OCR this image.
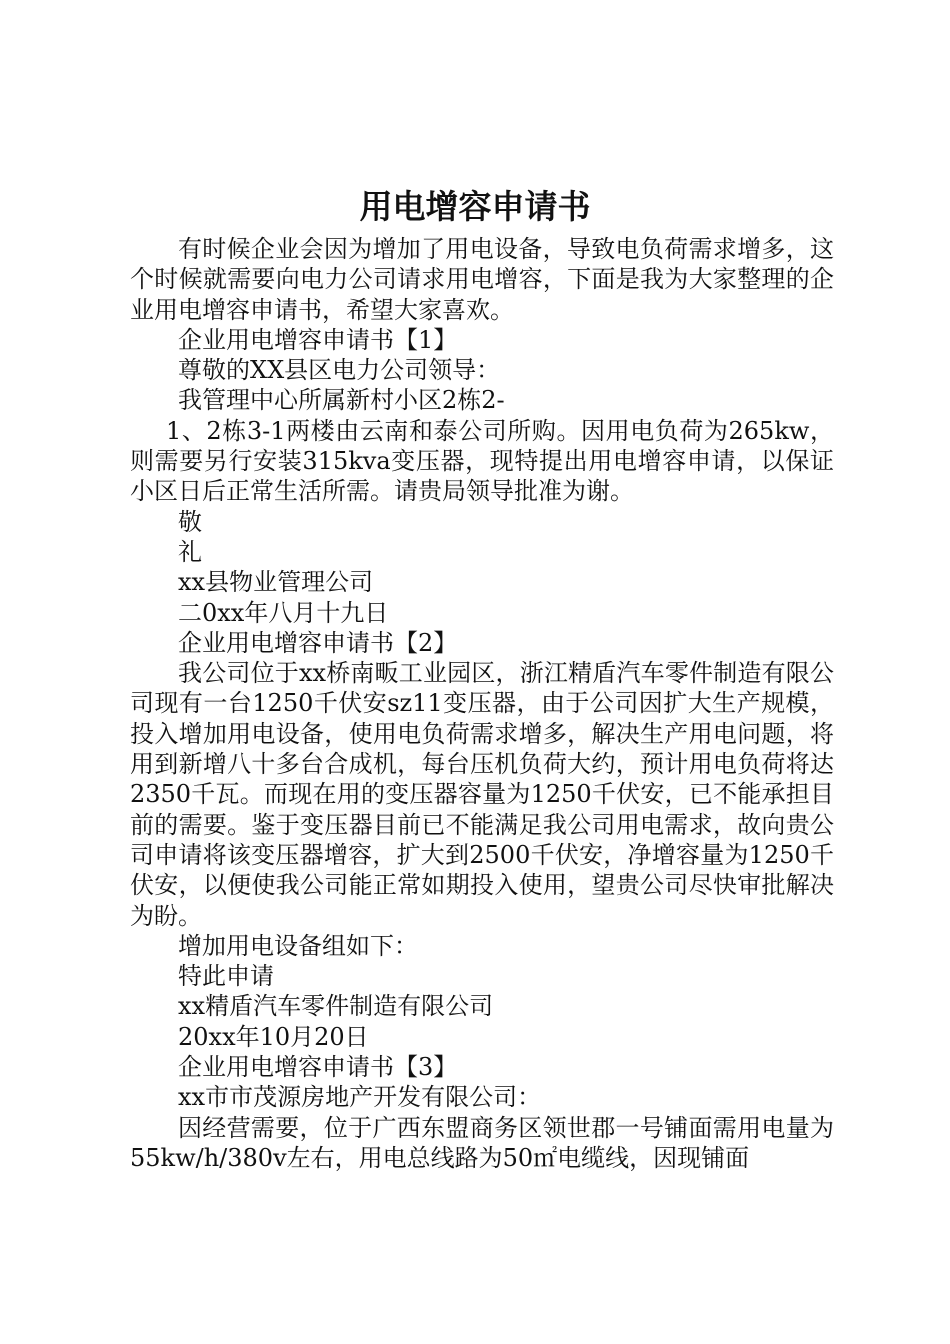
用电增容申请书

有时候企业会因为增加了用电设备，导致电负荷需求增多，这个时候就需要向电力公司请求用电增容，下面是我为大家整理的企业用电增容申请书，希望大家喜欢。

企业用电增容申请书【1】

尊敬的XX县区电力公司领导：

我管理中心所属新村小区2栋2-

1、2栋3-1两楼由云南和泰公司所购。因用电负荷为265kw，则需要另行安装315kva变压器，现特提出用电增容申请，以保证小区日后正常生活所需。请贵局领导批准为谢。

敬

礼

xx县物业管理公司

二0xx年八月十九日

企业用电增容申请书【2】

我公司位于xx桥南畈工业园区，浙江精盾汽车零件制造有限公司现有一台1250千伏安sz11变压器，由于公司因扩大生产规模，投入增加用电设备，使用电负荷需求增多，解决生产用电问题，将用到新增八十多台合成机，每台压机负荷大约，预计用电负荷将达2350千瓦。而现在用的变压器容量为1250千伏安，已不能承担目前的需要。鉴于变压器目前已不能满足我公司用电需求，故向贵公司申请将该变压器增容，扩大到2500千伏安，净增容量为1250千伏安，以便使我公司能正常如期投入使用，望贵公司尽快审批解决为盼。

增加用电设备组如下：

特此申请

xx精盾汽车零件制造有限公司

20xx年10月20日

企业用电增容申请书【3】

xx市市茂源房地产开发有限公司：

因经营需要，位于广西东盟商务区领世郡一号铺面需用电量为55kw/h/380v左右，用电总线路为50㎡电缆线，因现铺面
